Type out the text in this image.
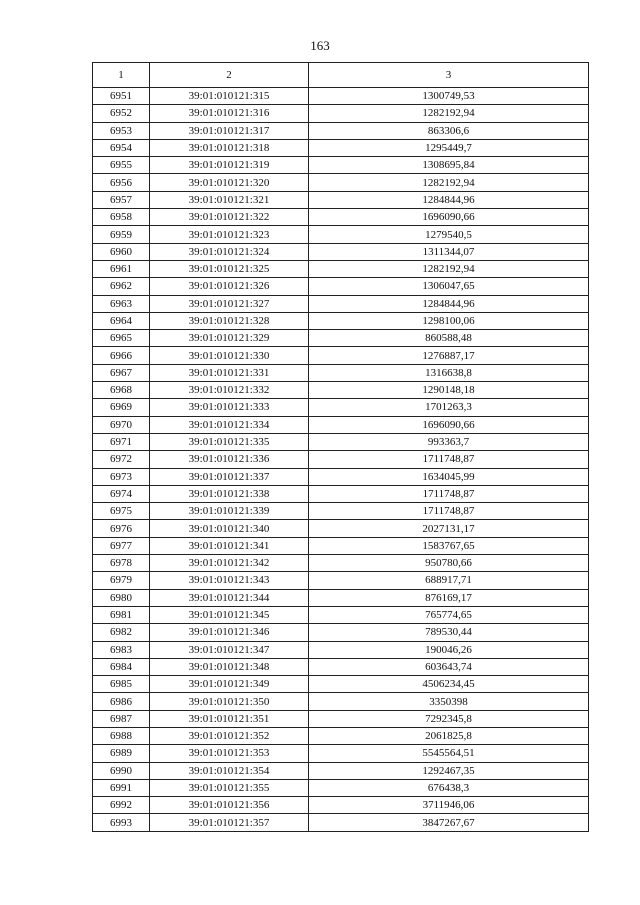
163
1	2	3
6951	39:01:010121:315	1300749,53
6952	39:01:010121:316	1282192,94
6953	39:01:010121:317	863306,6
6954	39:01:010121:318	1295449,7
6955	39:01:010121:319	1308695,84
6956	39:01:010121:320	1282192,94
6957	39:01:010121:321	1284844,96
6958	39:01:010121:322	1696090,66
6959	39:01:010121:323	1279540,5
6960	39:01:010121:324	1311344,07
6961	39:01:010121:325	1282192,94
6962	39:01:010121:326	1306047,65
6963	39:01:010121:327	1284844,96
6964	39:01:010121:328	1298100,06
6965	39:01:010121:329	860588,48
6966	39:01:010121:330	1276887,17
6967	39:01:010121:331	1316638,8
6968	39:01:010121:332	1290148,18
6969	39:01:010121:333	1701263,3
6970	39:01:010121:334	1696090,66
6971	39:01:010121:335	993363,7
6972	39:01:010121:336	1711748,87
6973	39:01:010121:337	1634045,99
6974	39:01:010121:338	1711748,87
6975	39:01:010121:339	1711748,87
6976	39:01:010121:340	2027131,17
6977	39:01:010121:341	1583767,65
6978	39:01:010121:342	950780,66
6979	39:01:010121:343	688917,71
6980	39:01:010121:344	876169,17
6981	39:01:010121:345	765774,65
6982	39:01:010121:346	789530,44
6983	39:01:010121:347	190046,26
6984	39:01:010121:348	603643,74
6985	39:01:010121:349	4506234,45
6986	39:01:010121:350	3350398
6987	39:01:010121:351	7292345,8
6988	39:01:010121:352	2061825,8
6989	39:01:010121:353	5545564,51
6990	39:01:010121:354	1292467,35
6991	39:01:010121:355	676438,3
6992	39:01:010121:356	3711946,06
6993	39:01:010121:357	3847267,67
